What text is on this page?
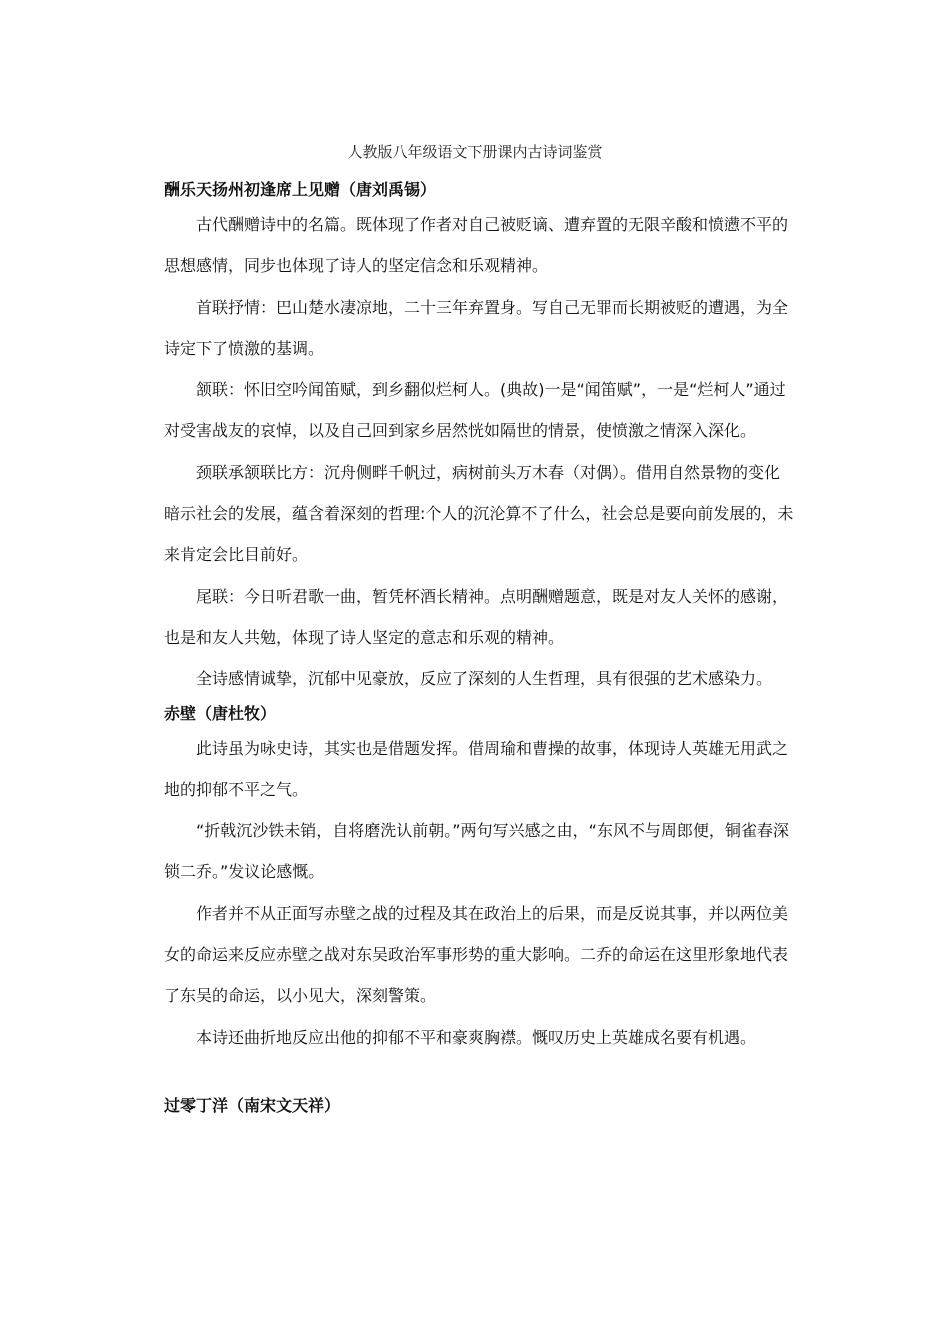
人教版八年级语文下册课内古诗词鉴赏

酬乐天扬州初逢席上见赠（唐刘禹锡）

古代酬赠诗中的名篇。既体现了作者对自己被贬谪、遭弃置的无限辛酸和愤懑不平的思想感情，同步也体现了诗人的坚定信念和乐观精神。

首联抒情：巴山楚水凄凉地，二十三年弃置身。写自己无罪而长期被贬的遭遇，为全诗定下了愤激的基调。

颔联：怀旧空吟闻笛赋，到乡翻似烂柯人。(典故)一是“闻笛赋”，一是“烂柯人”通过对受害战友的哀悼，以及自己回到家乡居然恍如隔世的情景，使愤激之情深入深化。

颈联承颔联比方：沉舟侧畔千帆过，病树前头万木春（对偶）。借用自然景物的变化暗示社会的发展，蕴含着深刻的哲理:个人的沉沦算不了什么，社会总是要向前发展的，未来肯定会比目前好。

尾联：今日听君歌一曲，暂凭杯酒长精神。点明酬赠题意，既是对友人关怀的感谢，也是和友人共勉，体现了诗人坚定的意志和乐观的精神。

全诗感情诚挚，沉郁中见豪放，反应了深刻的人生哲理，具有很强的艺术感染力。

赤壁（唐杜牧）

此诗虽为咏史诗，其实也是借题发挥。借周瑜和曹操的故事，体现诗人英雄无用武之地的抑郁不平之气。

“折戟沉沙铁未销，自将磨洗认前朝。”两句写兴感之由，“东风不与周郎便，铜雀春深锁二乔。”发议论感慨。

作者并不从正面写赤壁之战的过程及其在政治上的后果，而是反说其事，并以两位美女的命运来反应赤壁之战对东吴政治军事形势的重大影响。二乔的命运在这里形象地代表了东吴的命运，以小见大，深刻警策。

本诗还曲折地反应出他的抑郁不平和豪爽胸襟。慨叹历史上英雄成名要有机遇。

过零丁洋（南宋文天祥）
